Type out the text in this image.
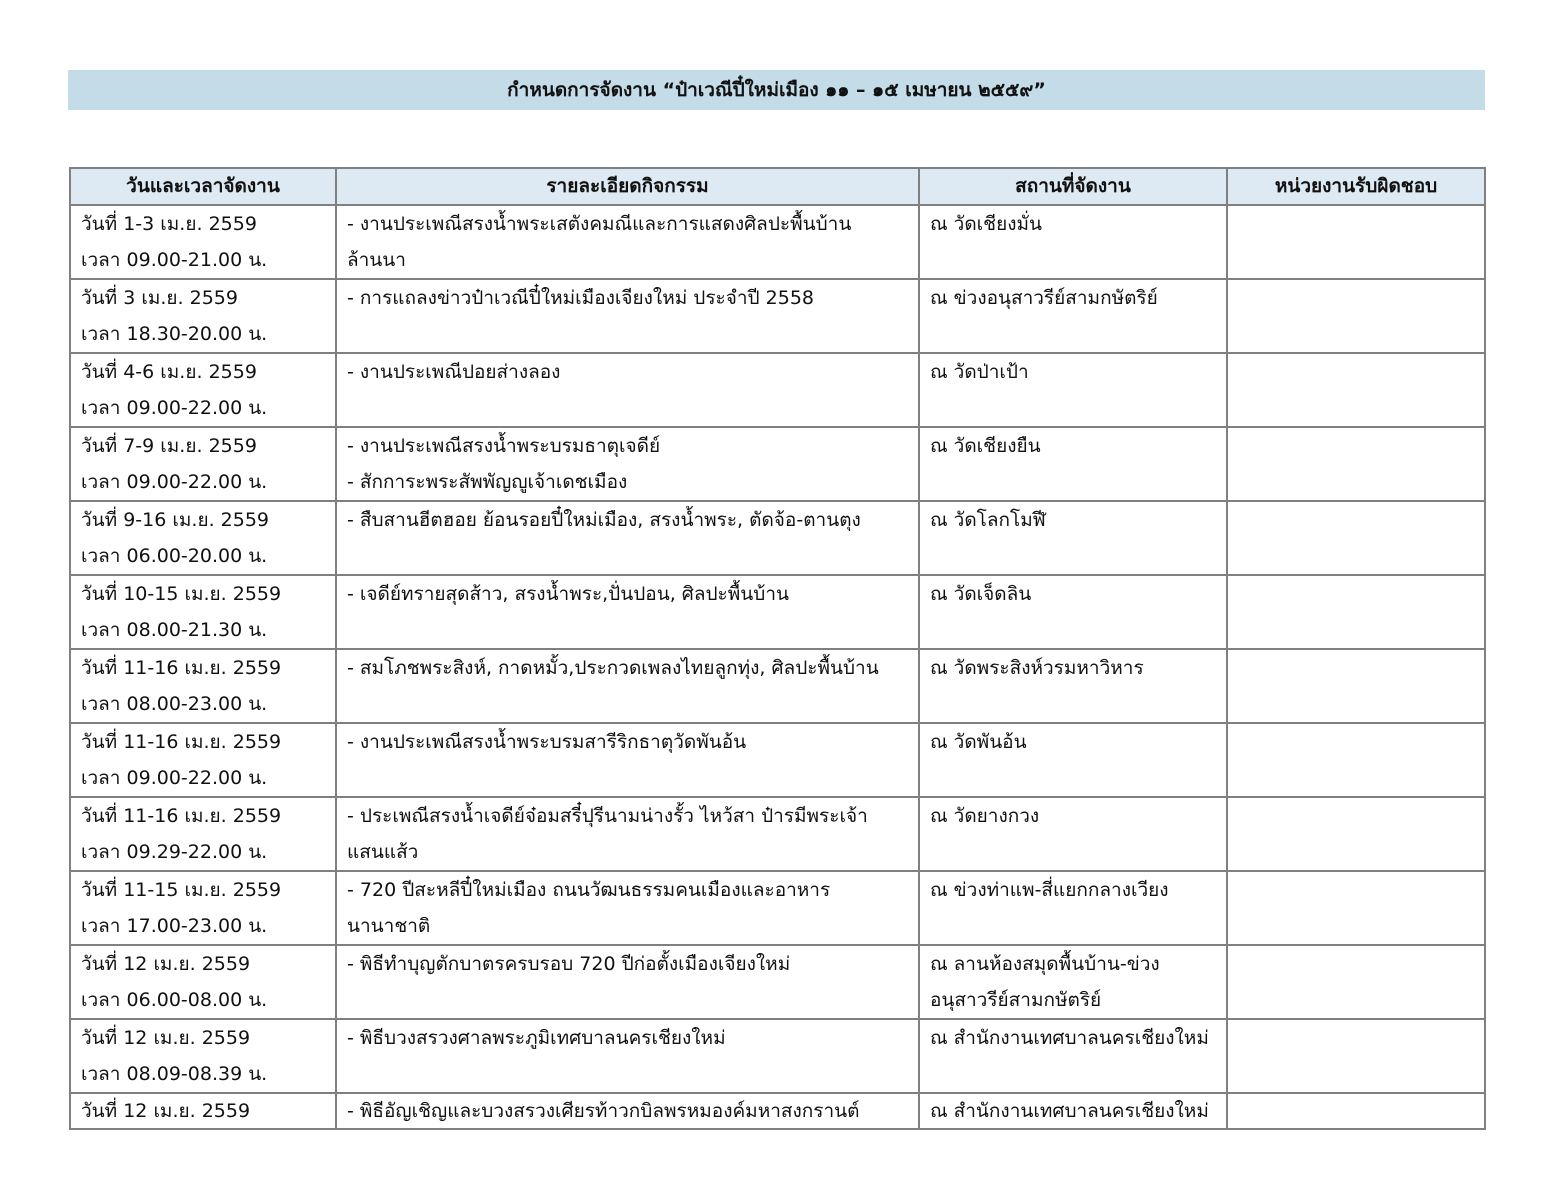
กำหนดการจัดงาน “ป๋าเวณีปี๋ใหม่เมือง ๑๑ – ๑๕ เมษายน ๒๕๕๙”
วันและเวลาจัดงาน	รายละเอียดกิจกรรม	สถานที่จัดงาน	หน่วยงานรับผิดชอบ

วันที่ 1-3 เม.ย. 2559
เวลา 09.00-21.00 น.	- งานประเพณีสรงน้ำพระเสตังคมณีและการแสดงศิลปะพื้นบ้าน
ล้านนา	ณ วัดเชียงมั่น	

วันที่ 3 เม.ย. 2559
เวลา 18.30-20.00 น.	- การแถลงข่าวป๋าเวณีปี๋ใหม่เมืองเจียงใหม่ ประจำปี 2558	ณ ข่วงอนุสาวรีย์สามกษัตริย์	

วันที่ 4-6 เม.ย. 2559
เวลา 09.00-22.00 น.	- งานประเพณีปอยส่างลอง	ณ วัดป่าเป้า	

วันที่ 7-9 เม.ย. 2559
เวลา 09.00-22.00 น.	- งานประเพณีสรงน้ำพระบรมธาตุเจดีย์
- สักการะพระสัพพัญญูเจ้าเดชเมือง	ณ วัดเชียงยืน	

วันที่ 9-16 เม.ย. 2559
เวลา 06.00-20.00 น.	- สืบสานฮีตฮอย ย้อนรอยปี๋ใหม่เมือง, สรงน้ำพระ, ตัดจ้อ-ตานตุง	ณ วัดโลกโมฬี	

วันที่ 10-15 เม.ย. 2559
เวลา 08.00-21.30 น.	- เจดีย์ทรายสุดส้าว, สรงน้ำพระ,ปั่นปอน, ศิลปะพื้นบ้าน	ณ วัดเจ็ดลิน	

วันที่ 11-16 เม.ย. 2559
เวลา 08.00-23.00 น.	- สมโภชพระสิงห์, กาดหมั้ว,ประกวดเพลงไทยลูกทุ่ง, ศิลปะพื้นบ้าน	ณ วัดพระสิงห์วรมหาวิหาร	

วันที่ 11-16 เม.ย. 2559
เวลา 09.00-22.00 น.	- งานประเพณีสรงน้ำพระบรมสารีริกธาตุวัดพันอ้น	ณ วัดพันอ้น	

วันที่ 11-16 เม.ย. 2559
เวลา 09.29-22.00 น.	- ประเพณีสรงน้ำเจดีย์จ๋อมสรี๋ปุรีนามน่างรั้ว ไหว้สา ป๋ารมีพระเจ้า
แสนแส้ว	ณ วัดยางกวง	

วันที่ 11-15 เม.ย. 2559
เวลา 17.00-23.00 น.	- 720 ปีสะหลีปี๋ใหม่เมือง ถนนวัฒนธรรมคนเมืองและอาหาร
นานาชาติ	ณ ข่วงท่าแพ-สี่แยกกลางเวียง	

วันที่ 12 เม.ย. 2559
เวลา 06.00-08.00 น.	- พิธีทำบุญตักบาตรครบรอบ 720 ปีก่อตั้งเมืองเจียงใหม่	ณ ลานห้องสมุดพื้นบ้าน-ข่วง
อนุสาวรีย์สามกษัตริย์	

วันที่ 12 เม.ย. 2559
เวลา 08.09-08.39 น.	- พิธีบวงสรวงศาลพระภูมิเทศบาลนครเชียงใหม่	ณ สำนักงานเทศบาลนครเชียงใหม่	

วันที่ 12 เม.ย. 2559	- พิธีอัญเชิญและบวงสรวงเศียรท้าวกบิลพรหมองค์มหาสงกรานต์	ณ สำนักงานเทศบาลนครเชียงใหม่	
